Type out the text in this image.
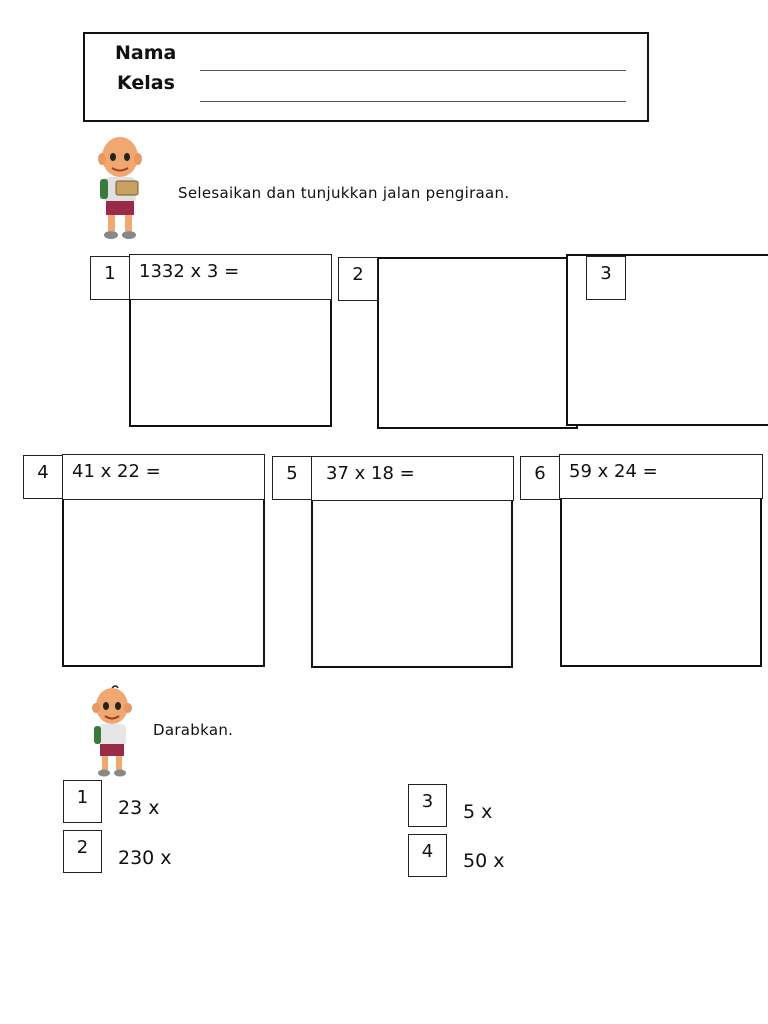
Nama
Kelas
Selesaikan dan tunjukkan jalan pengiraan.
1	1332 x 3 =	2	3
4	41 x 22 =	5	37 x 18 =	6	59 x 24 =
Darabkan.
1	23 x
2	230 x
3	5 x
4	50 x
